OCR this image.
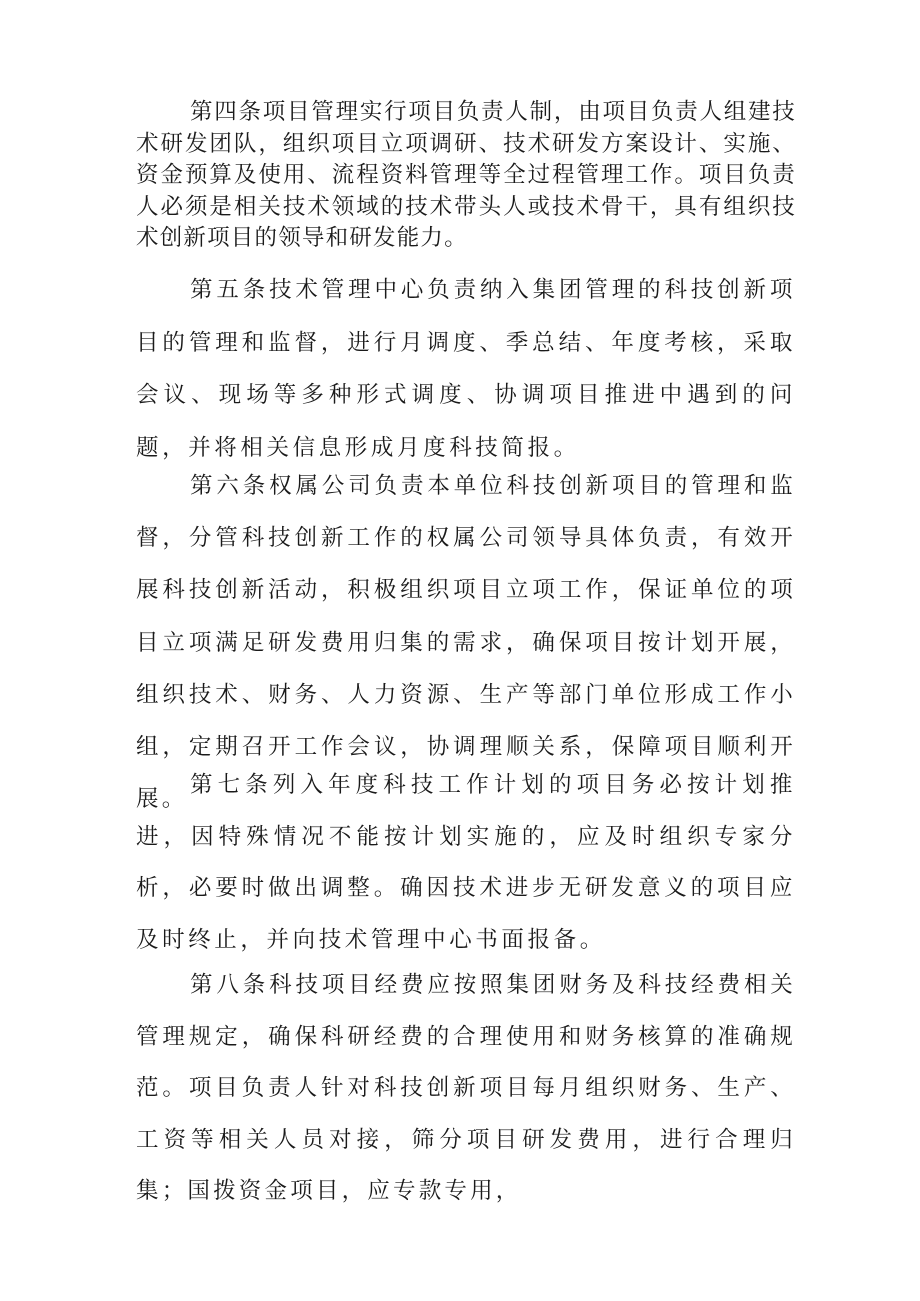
第四条项目管理实行项目负责人制，由项目负责人组建技术研发团队，组织项目立项调研、技术研发方案设计、实施、资金预算及使用、流程资料管理等全过程管理工作。项目负责人必须是相关技术领域的技术带头人或技术骨干，具有组织技术创新项目的领导和研发能力。

第五条技术管理中心负责纳入集团管理的科技创新项目的管理和监督，进行月调度、季总结、年度考核，采取会议、现场等多种形式调度、协调项目推进中遇到的问题，并将相关信息形成月度科技简报。

第六条权属公司负责本单位科技创新项目的管理和监督，分管科技创新工作的权属公司领导具体负责，有效开展科技创新活动，积极组织项目立项工作，保证单位的项目立项满足研发费用归集的需求，确保项目按计划开展，组织技术、财务、人力资源、生产等部门单位形成工作小组，定期召开工作会议，协调理顺关系，保障项目顺利开展。

第七条列入年度科技工作计划的项目务必按计划推进，因特殊情况不能按计划实施的，应及时组织专家分析，必要时做出调整。确因技术进步无研发意义的项目应及时终止，并向技术管理中心书面报备。

第八条科技项目经费应按照集团财务及科技经费相关管理规定，确保科研经费的合理使用和财务核算的准确规范。项目负责人针对科技创新项目每月组织财务、生产、工资等相关人员对接，筛分项目研发费用，进行合理归集；国拨资金项目，应专款专用，
